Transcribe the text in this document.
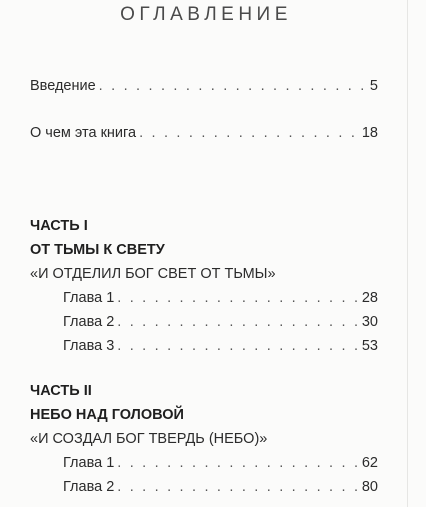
ОГЛАВЛЕНИЕ
Введение . . .	5
О чем эта книга . . .	18
ЧАСТЬ I
ОТ ТЬМЫ К СВЕТУ
«И ОТДЕЛИЛ БОГ СВЕТ ОТ ТЬМЫ»
Глава 1 . . .	28
Глава 2 . . .	30
Глава 3 . . .	53
ЧАСТЬ II
НЕБО НАД ГОЛОВОЙ
«И СОЗДАЛ БОГ ТВЕРДЬ (НЕБО)»
Глава 1 . . .	62
Глава 2 . . .	80
